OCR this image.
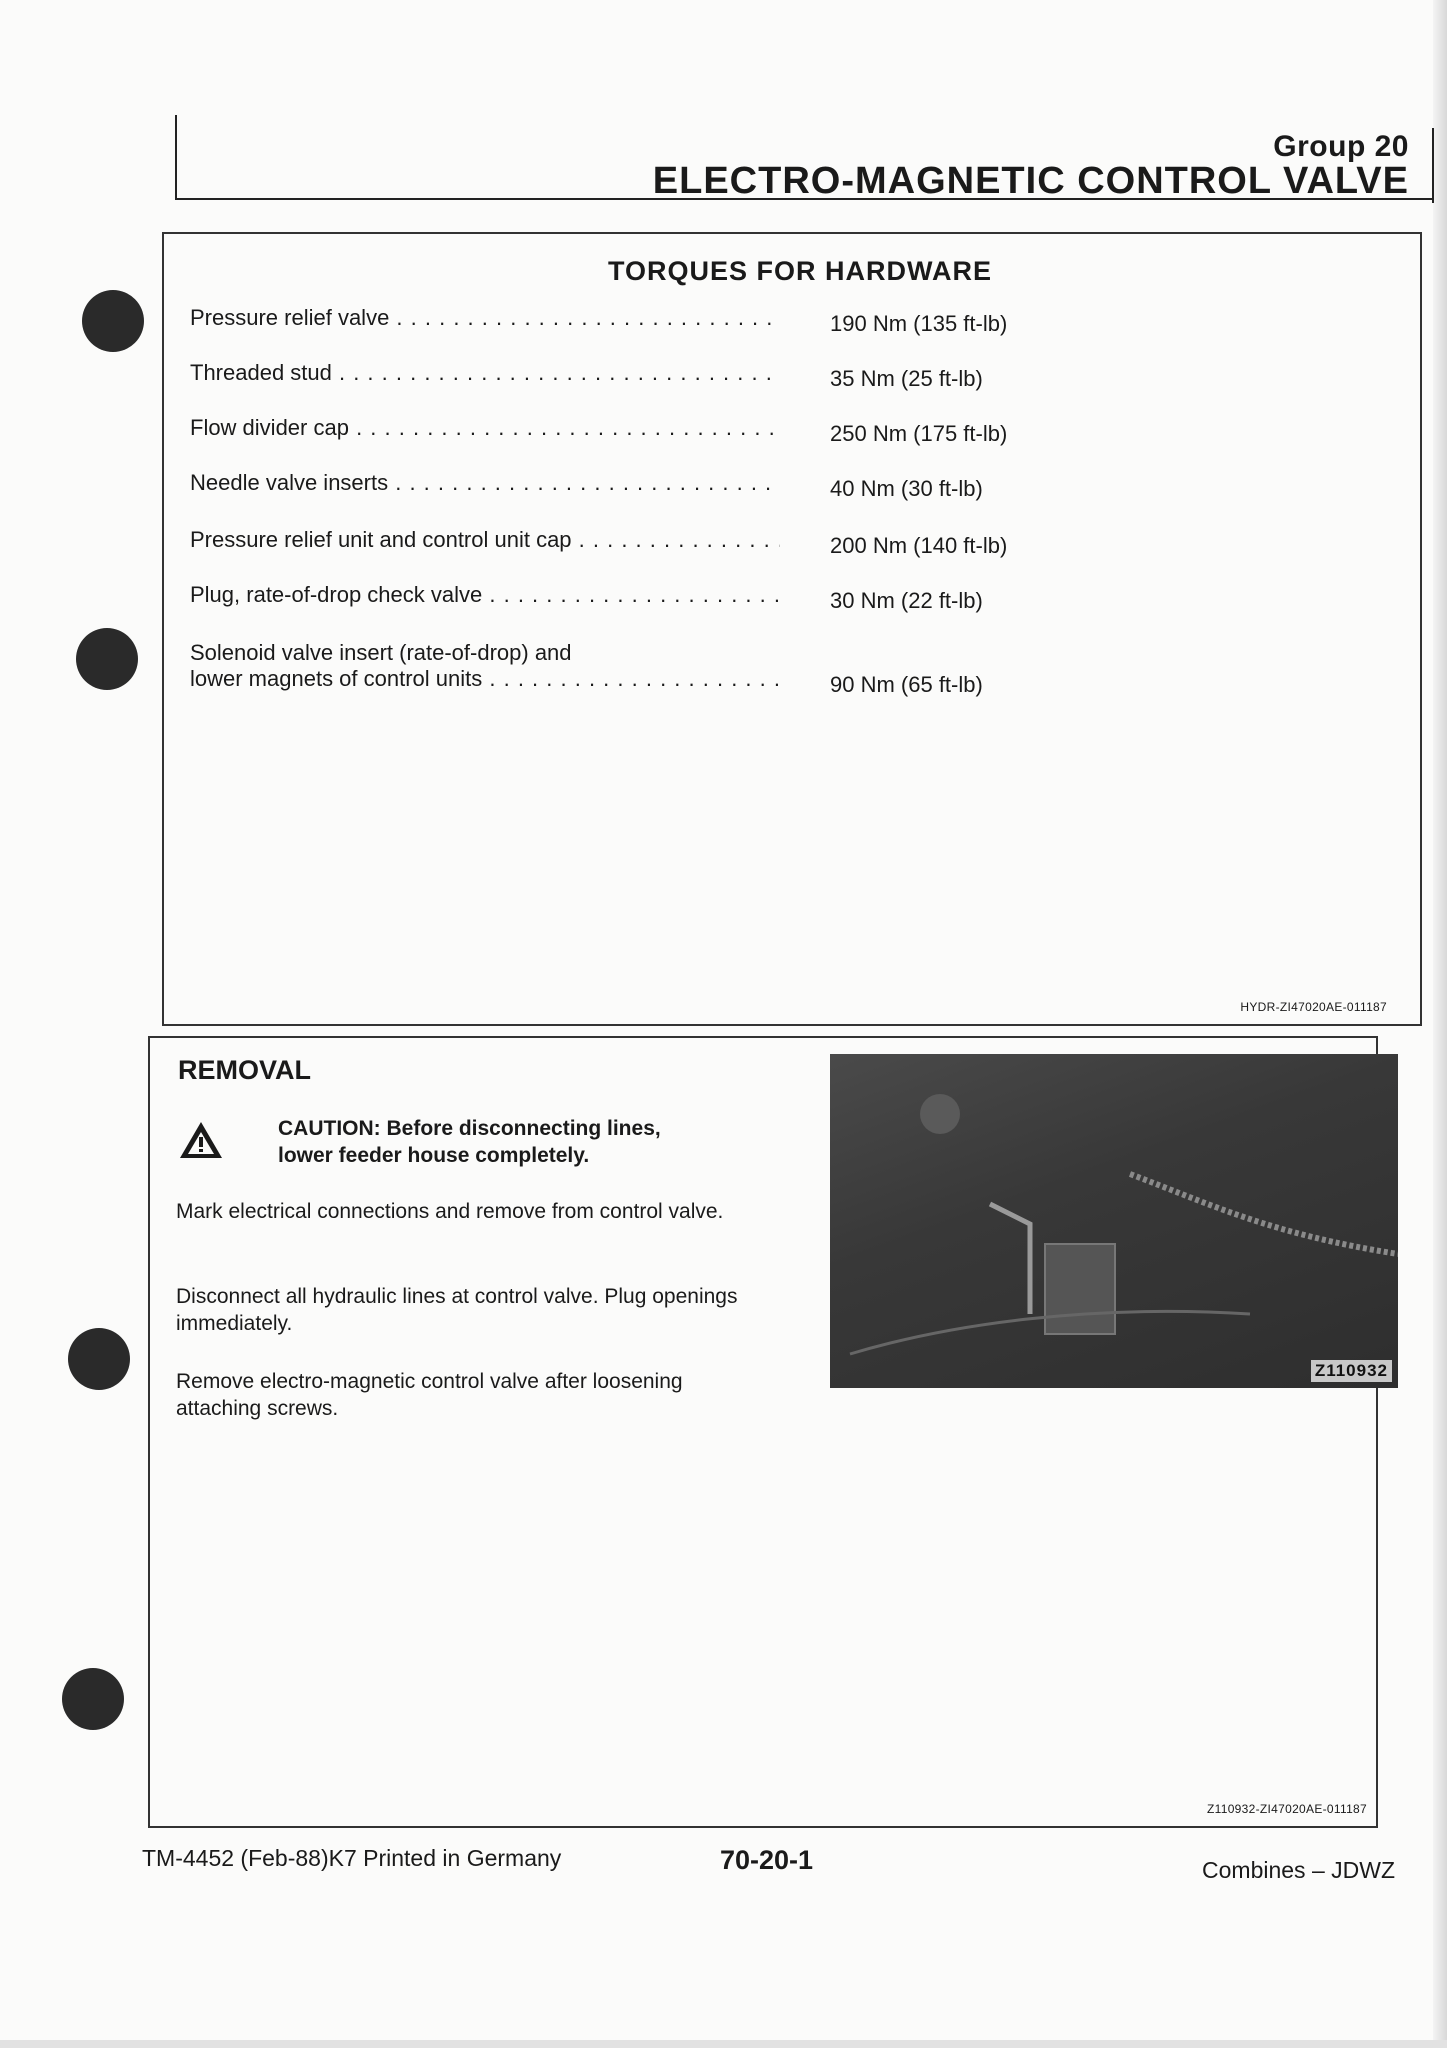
Group 20
ELECTRO-MAGNETIC CONTROL VALVE
TORQUES FOR HARDWARE
Pressure relief valve . . .	190 Nm (135 ft-lb)
Threaded stud . . .	35 Nm (25 ft-lb)
Flow divider cap . . .	250 Nm (175 ft-lb)
Needle valve inserts . . .	40 Nm (30 ft-lb)
Pressure relief unit and control unit cap . . .	200 Nm (140 ft-lb)
Plug, rate-of-drop check valve . . .	30 Nm (22 ft-lb)
Solenoid valve insert (rate-of-drop) and
lower magnets of control units . . .	90 Nm (65 ft-lb)
HYDR-ZI47020AE-011187
REMOVAL
CAUTION: Before disconnecting lines,
lower feeder house completely.
Mark electrical connections and remove from control valve.
Disconnect all hydraulic lines at control valve. Plug openings immediately.
Remove electro-magnetic control valve after loosening attaching screws.
Z110932
Z110932-ZI47020AE-011187
TM-4452 (Feb-88)K7 Printed in Germany	70-20-1	Combines – JDWZ
